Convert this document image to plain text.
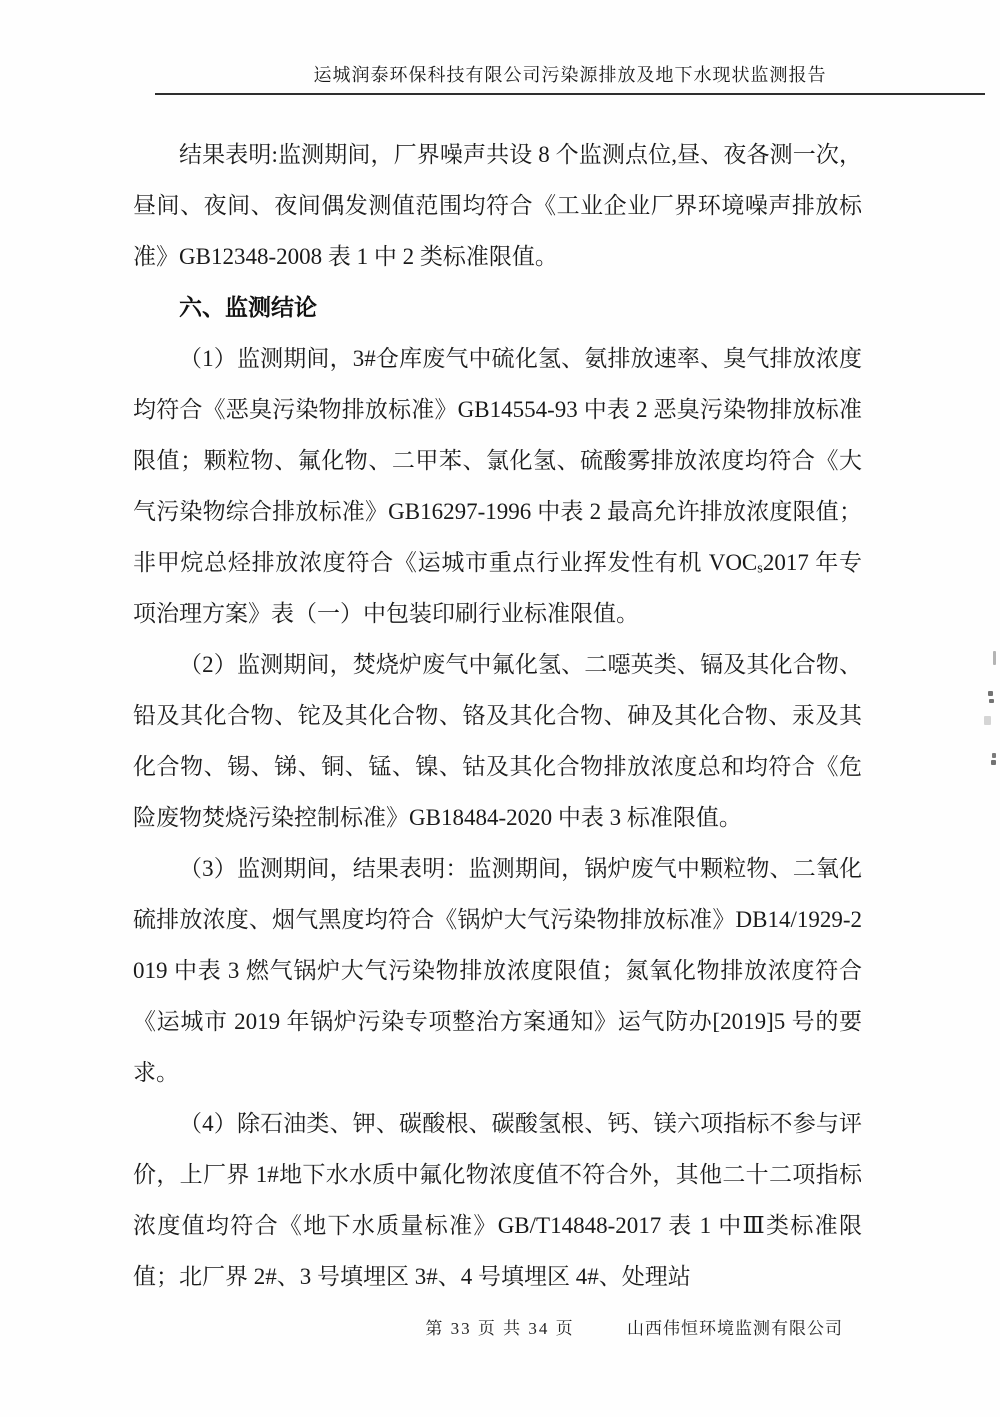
运城润泰环保科技有限公司污染源排放及地下水现状监测报告

结果表明:监测期间，厂界噪声共设 8 个监测点位,昼、夜各测一次，昼间、夜间、夜间偶发测值范围均符合《工业企业厂界环境噪声排放标准》GB12348-2008 表 1 中 2 类标准限值。

六、监测结论

（1）监测期间，3#仓库废气中硫化氢、氨排放速率、臭气排放浓度均符合《恶臭污染物排放标准》GB14554-93 中表 2 恶臭污染物排放标准限值；颗粒物、氟化物、二甲苯、氯化氢、硫酸雾排放浓度均符合《大气污染物综合排放标准》GB16297-1996 中表 2 最高允许排放浓度限值；非甲烷总烃排放浓度符合《运城市重点行业挥发性有机 $VOC_s2017$ 年专项治理方案》表（一）中包装印刷行业标准限值。

（2）监测期间，焚烧炉废气中氟化氢、二噁英类、镉及其化合物、铅及其化合物、铊及其化合物、铬及其化合物、砷及其化合物、汞及其化合物、锡、锑、铜、锰、镍、钴及其化合物排放浓度总和均符合《危险废物焚烧污染控制标准》GB18484-2020 中表 3 标准限值。

（3）监测期间，结果表明：监测期间，锅炉废气中颗粒物、二氧化硫排放浓度、烟气黑度均符合《锅炉大气污染物排放标准》DB14/1929-2019 中表 3 燃气锅炉大气污染物排放浓度限值；氮氧化物排放浓度符合《运城市 2019 年锅炉污染专项整治方案通知》运气防办[2019]5 号的要求。

（4）除石油类、钾、碳酸根、碳酸氢根、钙、镁六项指标不参与评价，上厂界 1#地下水水质中氟化物浓度值不符合外，其他二十二项指标浓度值均符合《地下水质量标准》GB/T14848-2017 表 1 中Ⅲ类标准限值；北厂界 2#、3 号填埋区 3#、4 号填埋区 4#、处理站

第 33 页 共 34 页	山西伟恒环境监测有限公司
